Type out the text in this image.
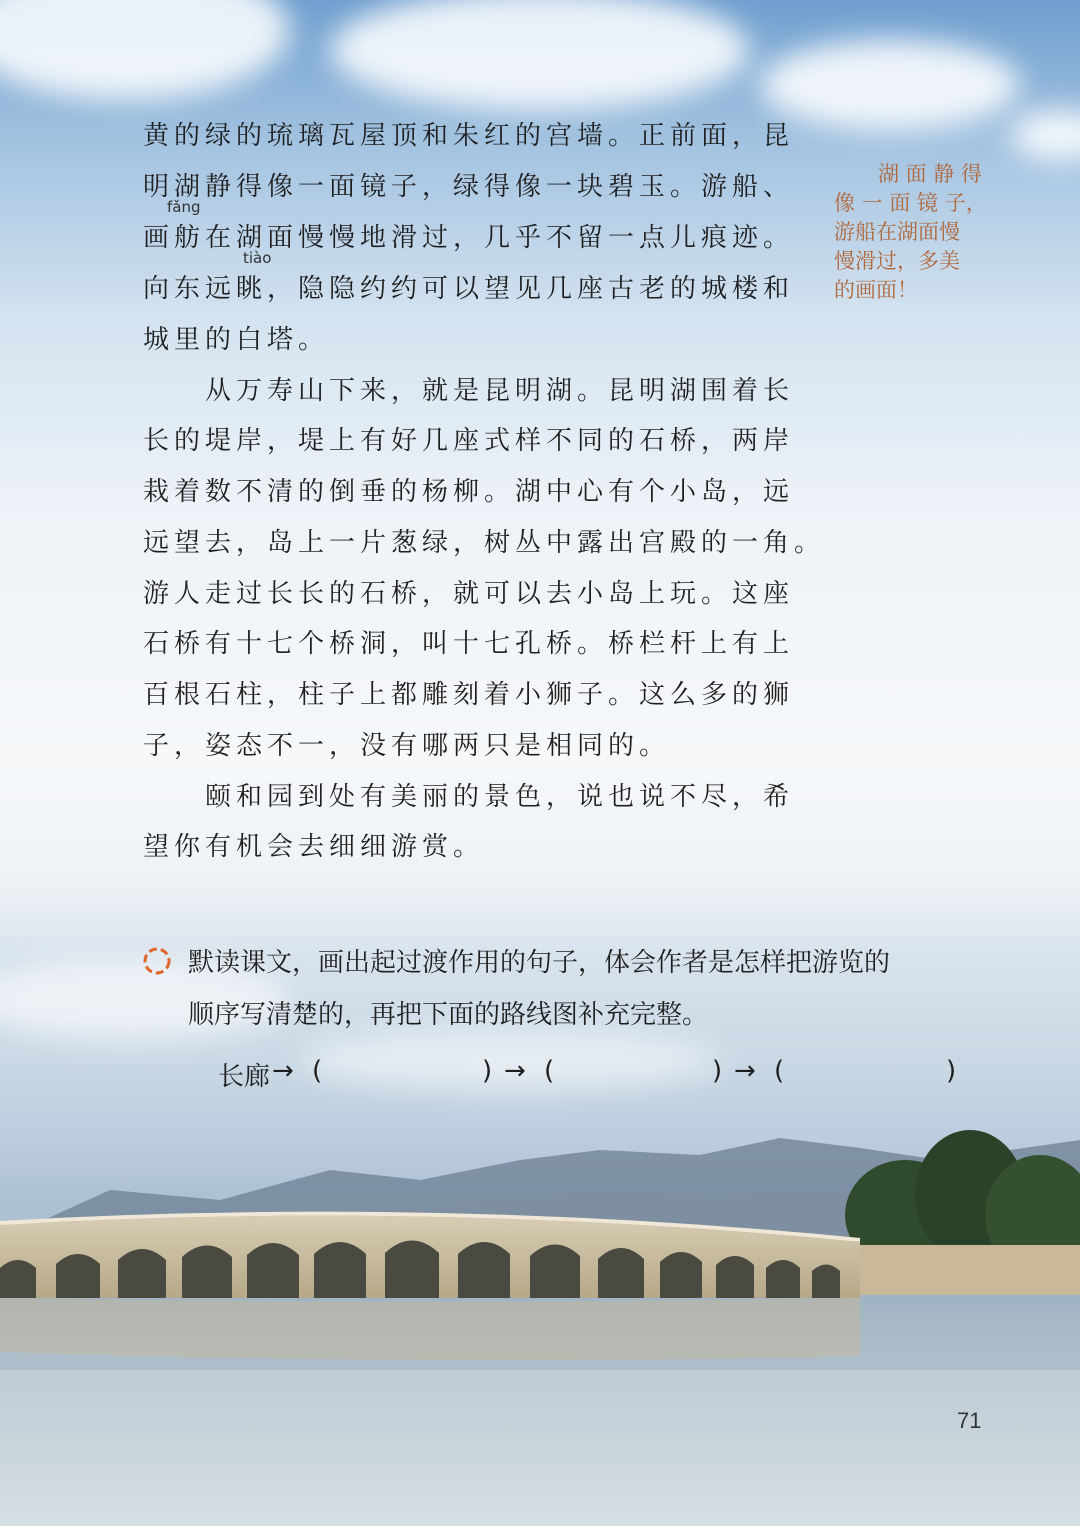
黄的绿的琉璃瓦屋顶和朱红的宫墙。正前面，昆
明湖静得像一面镜子，绿得像一块碧玉。游船、
fǎng
画舫在湖面慢慢地滑过，几乎不留一点儿痕迹。
tiào
向东远眺，隐隐约约可以望见几座古老的城楼和
城里的白塔。
　　从万寿山下来，就是昆明湖。昆明湖围着长
长的堤岸，堤上有好几座式样不同的石桥，两岸
栽着数不清的倒垂的杨柳。湖中心有个小岛，远
远望去，岛上一片葱绿，树丛中露出宫殿的一角。
游人走过长长的石桥，就可以去小岛上玩。这座
石桥有十七个桥洞，叫十七孔桥。桥栏杆上有上
百根石柱，柱子上都雕刻着小狮子。这么多的狮
子，姿态不一，没有哪两只是相同的。
　　颐和园到处有美丽的景色，说也说不尽，希
望你有机会去细细游赏。
湖 面 静 得
像 一 面 镜 子，
游船在湖面慢
慢滑过，多美
的画面！
默读课文，画出起过渡作用的句子，体会作者是怎样把游览的
顺序写清楚的，再把下面的路线图补充完整。
长廊 → (	) → (	) → (	)
71
